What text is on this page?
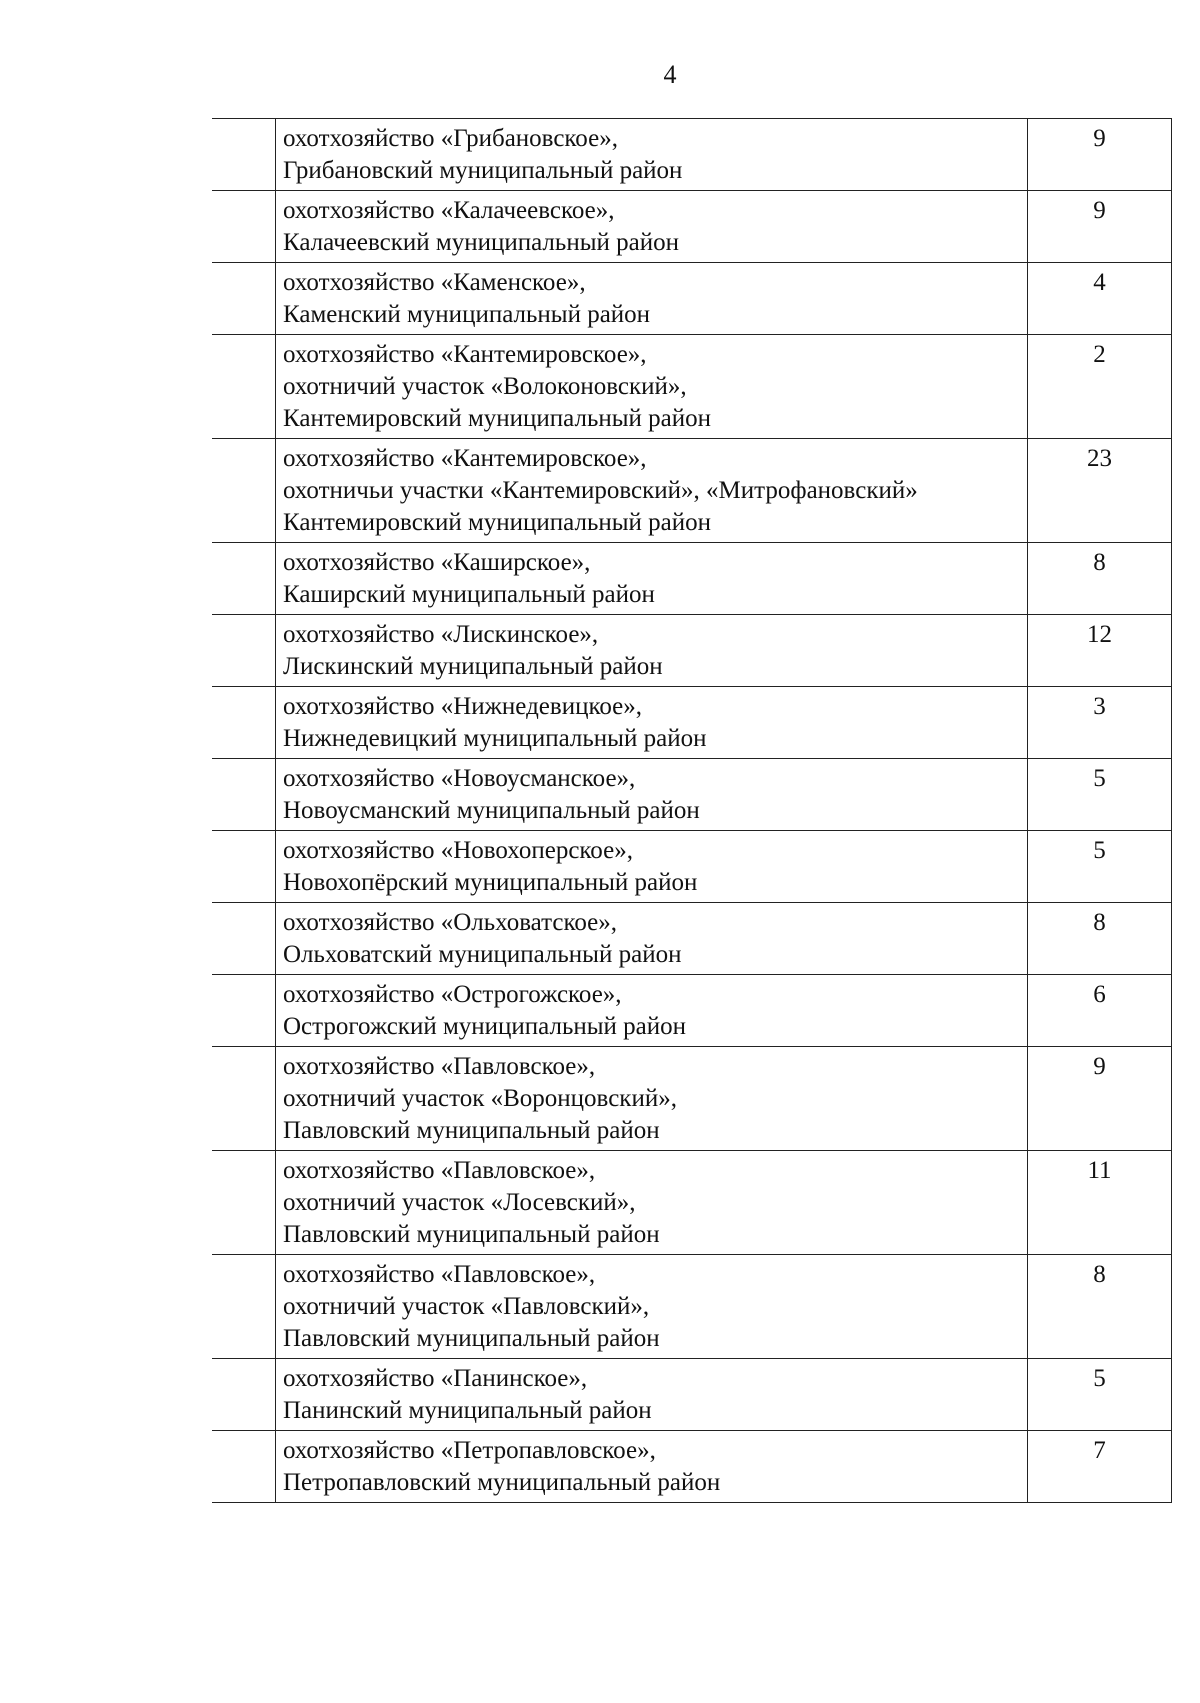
4
охотхозяйство «Грибановское»,
Грибановский муниципальный район
9
охотхозяйство «Калачеевское»,
Калачеевский муниципальный район
9
охотхозяйство «Каменское»,
Каменский муниципальный район
4
охотхозяйство «Кантемировское»,
охотничий участок «Волоконовский»,
Кантемировский муниципальный район
2
охотхозяйство «Кантемировское»,
охотничьи участки «Кантемировский», «Митрофановский»
Кантемировский муниципальный район
23
охотхозяйство «Каширское»,
Каширский муниципальный район
8
охотхозяйство «Лискинское»,
Лискинский муниципальный район
12
охотхозяйство «Нижнедевицкое»,
Нижнедевицкий муниципальный район
3
охотхозяйство «Новоусманское»,
Новоусманский муниципальный район
5
охотхозяйство «Новохоперское»,
Новохопёрский муниципальный район
5
охотхозяйство «Ольховатское»,
Ольховатский муниципальный район
8
охотхозяйство «Острогожское»,
Острогожский муниципальный район
6
охотхозяйство «Павловское»,
охотничий участок «Воронцовский»,
Павловский муниципальный район
9
охотхозяйство «Павловское»,
охотничий участок «Лосевский»,
Павловский муниципальный район
11
охотхозяйство «Павловское»,
охотничий участок «Павловский»,
Павловский муниципальный район
8
охотхозяйство «Панинское»,
Панинский муниципальный район
5
охотхозяйство «Петропавловское»,
Петропавловский муниципальный район
7
